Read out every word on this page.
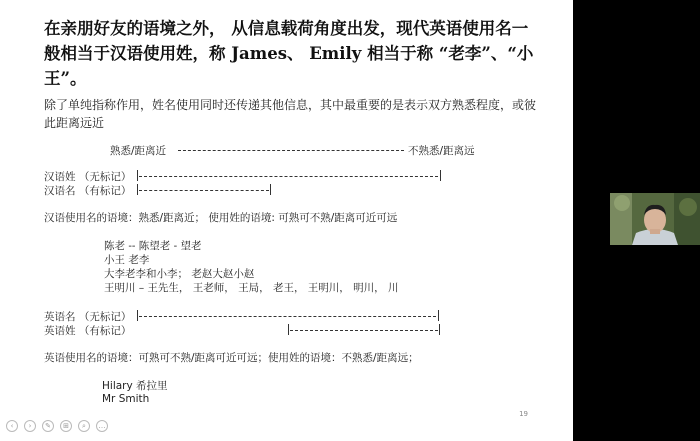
在亲朋好友的语境之外， 从信息载荷角度出发，现代英语使用名一般相当于汉语使用姓，称 James、 Emily 相当于称 “老李”、“小王”。
除了单纯指称作用，姓名使用同时还传递其他信息，其中最重要的是表示双方熟悉程度，或彼此距离远近
熟悉/距离近	不熟悉/距离远
汉语姓 （无标记）
汉语名 （有标记）
汉语使用名的语境：熟悉/距离近； 使用姓的语境: 可熟可不熟/距离可近可远
陈老 -- 陈望老 - 望老
小王 老李
大李老李和小李； 老赵大赵小赵
王明川 – 王先生， 王老师， 王局， 老王， 王明川， 明川， 川
英语名 （无标记）
英语姓 （有标记）
英语使用名的语境：可熟可不熟/距离可近可远；使用姓的语境：不熟悉/距离远；
Hilary 希拉里
Mr Smith
19
‹	›	✎	⊞	⌕	…
